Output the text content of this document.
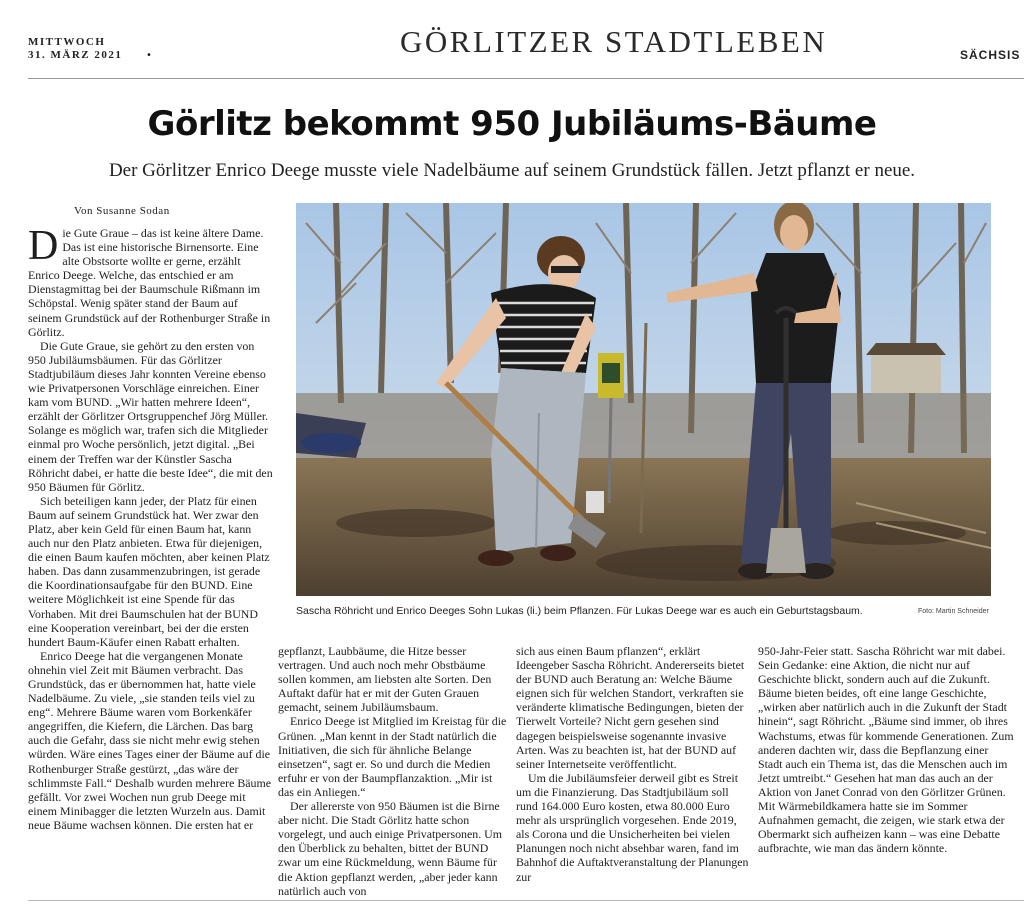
MITTWOCH
31. MÄRZ 2021 •	GÖRLITZER STADTLEBEN	SÄCHSIS
Görlitz bekommt 950 Jubiläums-Bäume
Der Görlitzer Enrico Deege musste viele Nadelbäume auf seinem Grundstück fällen. Jetzt pflanzt er neue.
Von Susanne Sodan

Die Gute Graue – das ist keine ältere Dame. Das ist eine historische Birnensorte. Eine alte Obstsorte wollte er gerne, erzählt Enrico Deege. Welche, das entschied er am Dienstagmittag bei der Baumschule Rißmann im Schöpstal. Wenig später stand der Baum auf seinem Grundstück auf der Rothenburger Straße in Görlitz.

Die Gute Graue, sie gehört zu den ersten von 950 Jubiläumsbäumen. Für das Görlitzer Stadtjubiläum dieses Jahr konnten Vereine ebenso wie Privatpersonen Vorschläge einreichen. Einer kam vom BUND. „Wir hatten mehrere Ideen“, erzählt der Görlitzer Ortsgruppenchef Jörg Müller. Solange es möglich war, trafen sich die Mitglieder einmal pro Woche persönlich, jetzt digital. „Bei einem der Treffen war der Künstler Sascha Röhricht dabei, er hatte die beste Idee“, die mit den 950 Bäumen für Görlitz.

Sich beteiligen kann jeder, der Platz für einen Baum auf seinem Grundstück hat. Wer zwar den Platz, aber kein Geld für einen Baum hat, kann auch nur den Platz anbieten. Etwa für diejenigen, die einen Baum kaufen möchten, aber keinen Platz haben. Das dann zusammenzubringen, ist gerade die Koordinationsaufgabe für den BUND. Eine weitere Möglichkeit ist eine Spende für das Vorhaben. Mit drei Baumschulen hat der BUND eine Kooperation vereinbart, bei der die ersten hundert Baum-Käufer einen Rabatt erhalten.

Enrico Deege hat die vergangenen Monate ohnehin viel Zeit mit Bäumen verbracht. Das Grundstück, das er übernommen hat, hatte viele Nadelbäume. Zu viele, „sie standen teils viel zu eng“. Mehrere Bäume waren vom Borkenkäfer angegriffen, die Kiefern, die Lärchen. Das barg auch die Gefahr, dass sie nicht mehr ewig stehen würden. Wäre eines Tages einer der Bäume auf die Rothenburger Straße gestürzt, „das wäre der schlimmste Fall.“ Deshalb wurden mehrere Bäume gefällt. Vor zwei Wochen nun grub Deege mit einem Minibagger die letzten Wurzeln aus. Damit neue Bäume wachsen können. Die ersten hat er

Sascha Röhricht und Enrico Deeges Sohn Lukas (li.) beim Pflanzen. Für Lukas Deege war es auch ein Geburtstagsbaum.	Foto: Martin Schneider

gepflanzt, Laubbäume, die Hitze besser vertragen. Und auch noch mehr Obstbäume sollen kommen, am liebsten alte Sorten. Den Auftakt dafür hat er mit der Guten Grauen gemacht, seinem Jubiläumsbaum.

Enrico Deege ist Mitglied im Kreistag für die Grünen. „Man kennt in der Stadt natürlich die Initiativen, die sich für ähnliche Belange einsetzen“, sagt er. So und durch die Medien erfuhr er von der Baumpflanzaktion. „Mir ist das ein Anliegen.“

Der allererste von 950 Bäumen ist die Birne aber nicht. Die Stadt Görlitz hatte schon vorgelegt, und auch einige Privatpersonen. Um den Überblick zu behalten, bittet der BUND zwar um eine Rückmeldung, wenn Bäume für die Aktion gepflanzt werden, „aber jeder kann natürlich auch von

sich aus einen Baum pflanzen“, erklärt Ideengeber Sascha Röhricht. Andererseits bietet der BUND auch Beratung an: Welche Bäume eignen sich für welchen Standort, verkraften sie veränderte klimatische Bedingungen, bieten der Tierwelt Vorteile? Nicht gern gesehen sind dagegen beispielsweise sogenannte invasive Arten. Was zu beachten ist, hat der BUND auf seiner Internetseite veröffentlicht.

Um die Jubiläumsfeier derweil gibt es Streit um die Finanzierung. Das Stadtjubiläum soll rund 164.000 Euro kosten, etwa 80.000 Euro mehr als ursprünglich vorgesehen. Ende 2019, als Corona und die Unsicherheiten bei vielen Planungen noch nicht absehbar waren, fand im Bahnhof die Auftaktveranstaltung der Planungen zur

950-Jahr-Feier statt. Sascha Röhricht war mit dabei. Sein Gedanke: eine Aktion, die nicht nur auf Geschichte blickt, sondern auch auf die Zukunft. Bäume bieten beides, oft eine lange Geschichte, „wirken aber natürlich auch in die Zukunft der Stadt hinein“, sagt Röhricht. „Bäume sind immer, ob ihres Wachstums, etwas für kommende Generationen. Zum anderen dachten wir, dass die Bepflanzung einer Stadt auch ein Thema ist, das die Menschen auch im Jetzt umtreibt.“ Gesehen hat man das auch an der Aktion von Janet Conrad von den Görlitzer Grünen. Mit Wärmebildkamera hatte sie im Sommer Aufnahmen gemacht, die zeigen, wie stark etwa der Obermarkt sich aufheizen kann – was eine Debatte aufbrachte, wie man das ändern könnte.
